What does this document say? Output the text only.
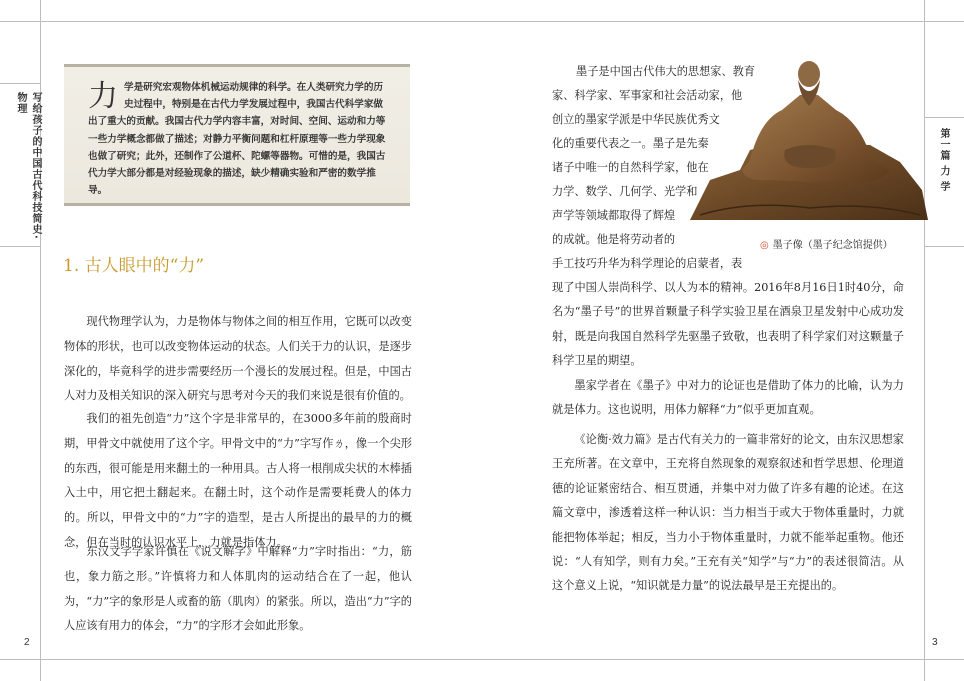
写给孩子的中国古代科技简史·物理
第一篇 力 学
2	3
力 学是研究宏观物体机械运动规律的科学。在人类研究力学的历史过程中，特别是在古代力学发展过程中，我国古代科学家做出了重大的贡献。我国古代力学内容丰富，对时间、空间、运动和力等一些力学概念都做了描述；对静力平衡问题和杠杆原理等一些力学现象也做了研究；此外，还制作了公道杯、陀螺等器物。可惜的是，我国古代力学大部分都是对经验现象的描述，缺少精确实验和严密的数学推导。
1. 古人眼中的“力”

现代物理学认为，力是物体与物体之间的相互作用，它既可以改变物体的形状，也可以改变物体运动的状态。人们关于力的认识，是逐步深化的，毕竟科学的进步需要经历一个漫长的发展过程。但是，中国古人对力及相关知识的深入研究与思考对今天的我们来说是很有价值的。

我们的祖先创造“力”这个字是非常早的，在3000多年前的殷商时期，甲骨文中就使用了这个字。甲骨文中的“力”字写作ㄌ，像一个尖形的东西，很可能是用来翻土的一种用具。古人将一根削成尖状的木棒插入土中，用它把土翻起来。在翻土时，这个动作是需要耗费人的体力的。所以，甲骨文中的“力”字的造型，是古人所提出的最早的力的概念，但在当时的认识水平上，力就是指体力。

东汉文字学家许慎在《说文解字》中解释“力”字时指出：“力，筋也，象力筋之形。”许慎将力和人体肌肉的运动结合在了一起，他认为，“力”字的象形是人或畜的筋（肌肉）的紧张。所以，造出“力”字的人应该有用力的体会，“力”的字形才会如此形象。

◎ 墨子像（墨子纪念馆提供）
墨子是中国古代伟大的思想家、教育
家、科学家、军事家和社会活动家，他
创立的墨家学派是中华民族优秀文
化的重要代表之一。墨子是先秦
诸子中唯一的自然科学家，他在
力学、数学、几何学、光学和
声学等领域都取得了辉煌
的成就。他是将劳动者的
手工技巧升华为科学理论的启蒙者，表

现了中国人崇尚科学、以人为本的精神。2016年8月16日1时40分，命名为“墨子号”的世界首颗量子科学实验卫星在酒泉卫星发射中心成功发射，既是向我国自然科学先驱墨子致敬，也表明了科学家们对这颗量子科学卫星的期望。

墨家学者在《墨子》中对力的论证也是借助了体力的比喻，认为力就是体力。这也说明，用体力解释“力”似乎更加直观。

《论衡·效力篇》是古代有关力的一篇非常好的论文，由东汉思想家王充所著。在文章中，王充将自然现象的观察叙述和哲学思想、伦理道德的论证紧密结合、相互贯通，并集中对力做了许多有趣的论述。在这篇文章中，渗透着这样一种认识：当力相当于或大于物体重量时，力就能把物体举起；相反，当力小于物体重量时，力就不能举起重物。他还说：“人有知学，则有力矣。”王充有关“知学”与“力”的表述很简洁。从这个意义上说，“知识就是力量”的说法最早是王充提出的。
